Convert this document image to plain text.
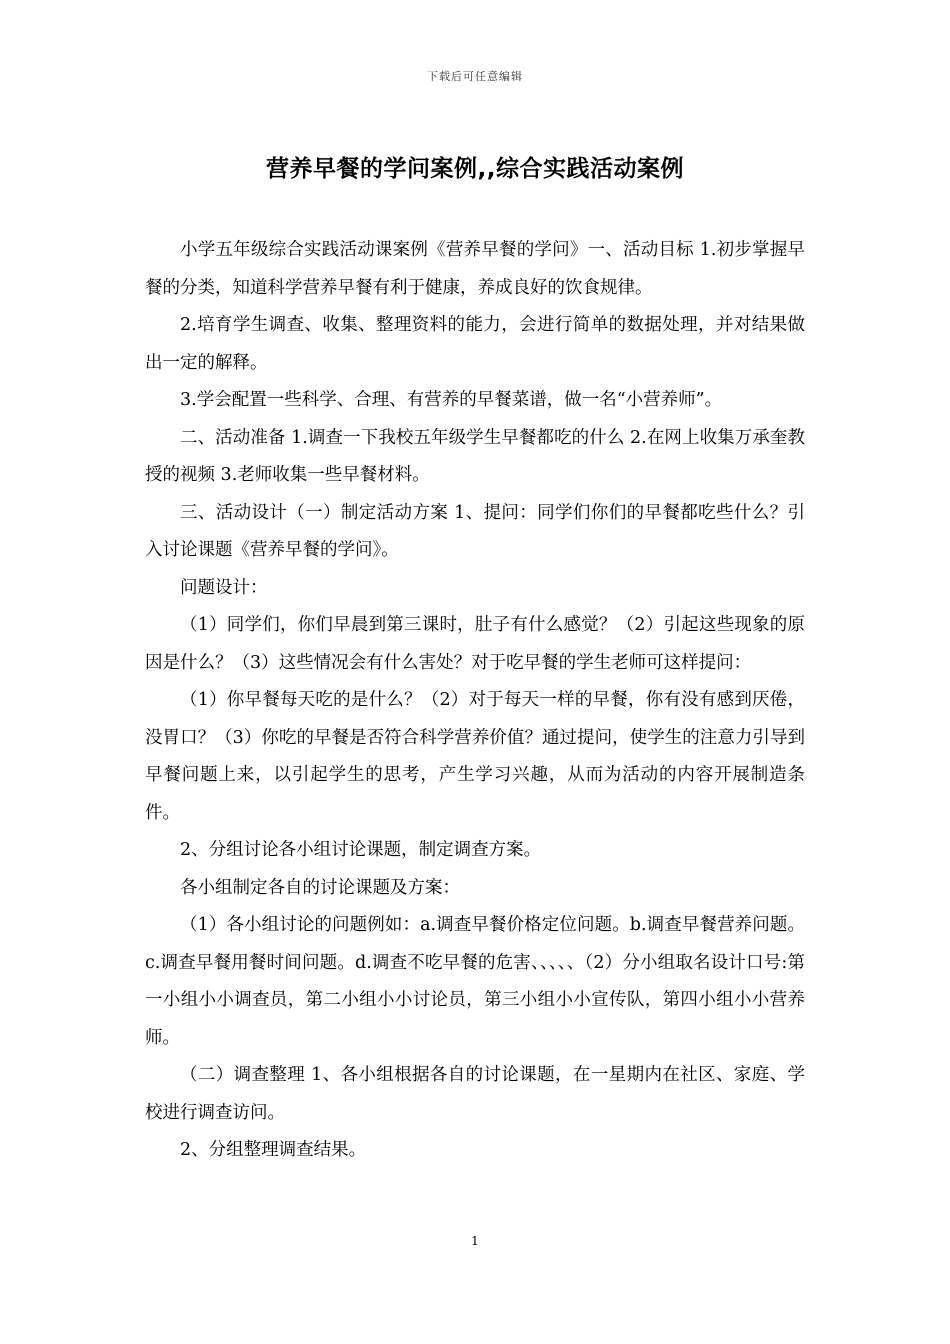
下载后可任意编辑
营养早餐的学问案例,,综合实践活动案例

小学五年级综合实践活动课案例《营养早餐的学问》一、活动目标 1.初步掌握早餐的分类，知道科学营养早餐有利于健康，养成良好的饮食规律。

2.培育学生调查、收集、整理资料的能力，会进行简单的数据处理，并对结果做出一定的解释。

3.学会配置一些科学、合理、有营养的早餐菜谱，做一名“小营养师”。

二、活动准备 1.调查一下我校五年级学生早餐都吃的什么 2.在网上收集万承奎教授的视频 3.老师收集一些早餐材料。

三、活动设计（一）制定活动方案 1、提问：同学们你们的早餐都吃些什么？引入讨论课题《营养早餐的学问》。

问题设计：

（1）同学们，你们早晨到第三课时，肚子有什么感觉？（2）引起这些现象的原因是什么？（3）这些情况会有什么害处？对于吃早餐的学生老师可这样提问：

（1）你早餐每天吃的是什么？（2）对于每天一样的早餐，你有没有感到厌倦，没胃口？（3）你吃的早餐是否符合科学营养价值？通过提问，使学生的注意力引导到早餐问题上来，以引起学生的思考，产生学习兴趣，从而为活动的内容开展制造条件。

2、分组讨论各小组讨论课题，制定调查方案。

各小组制定各自的讨论课题及方案：

（1）各小组讨论的问题例如：a.调查早餐价格定位问题。b.调查早餐营养问题。c.调查早餐用餐时间问题。d.调查不吃早餐的危害、、、、、（2）分小组取名设计口号:第一小组小小调查员，第二小组小小讨论员，第三小组小小宣传队，第四小组小小营养师。

（二）调查整理 1、各小组根据各自的讨论课题，在一星期内在社区、家庭、学校进行调查访问。

2、分组整理调查结果。

1
